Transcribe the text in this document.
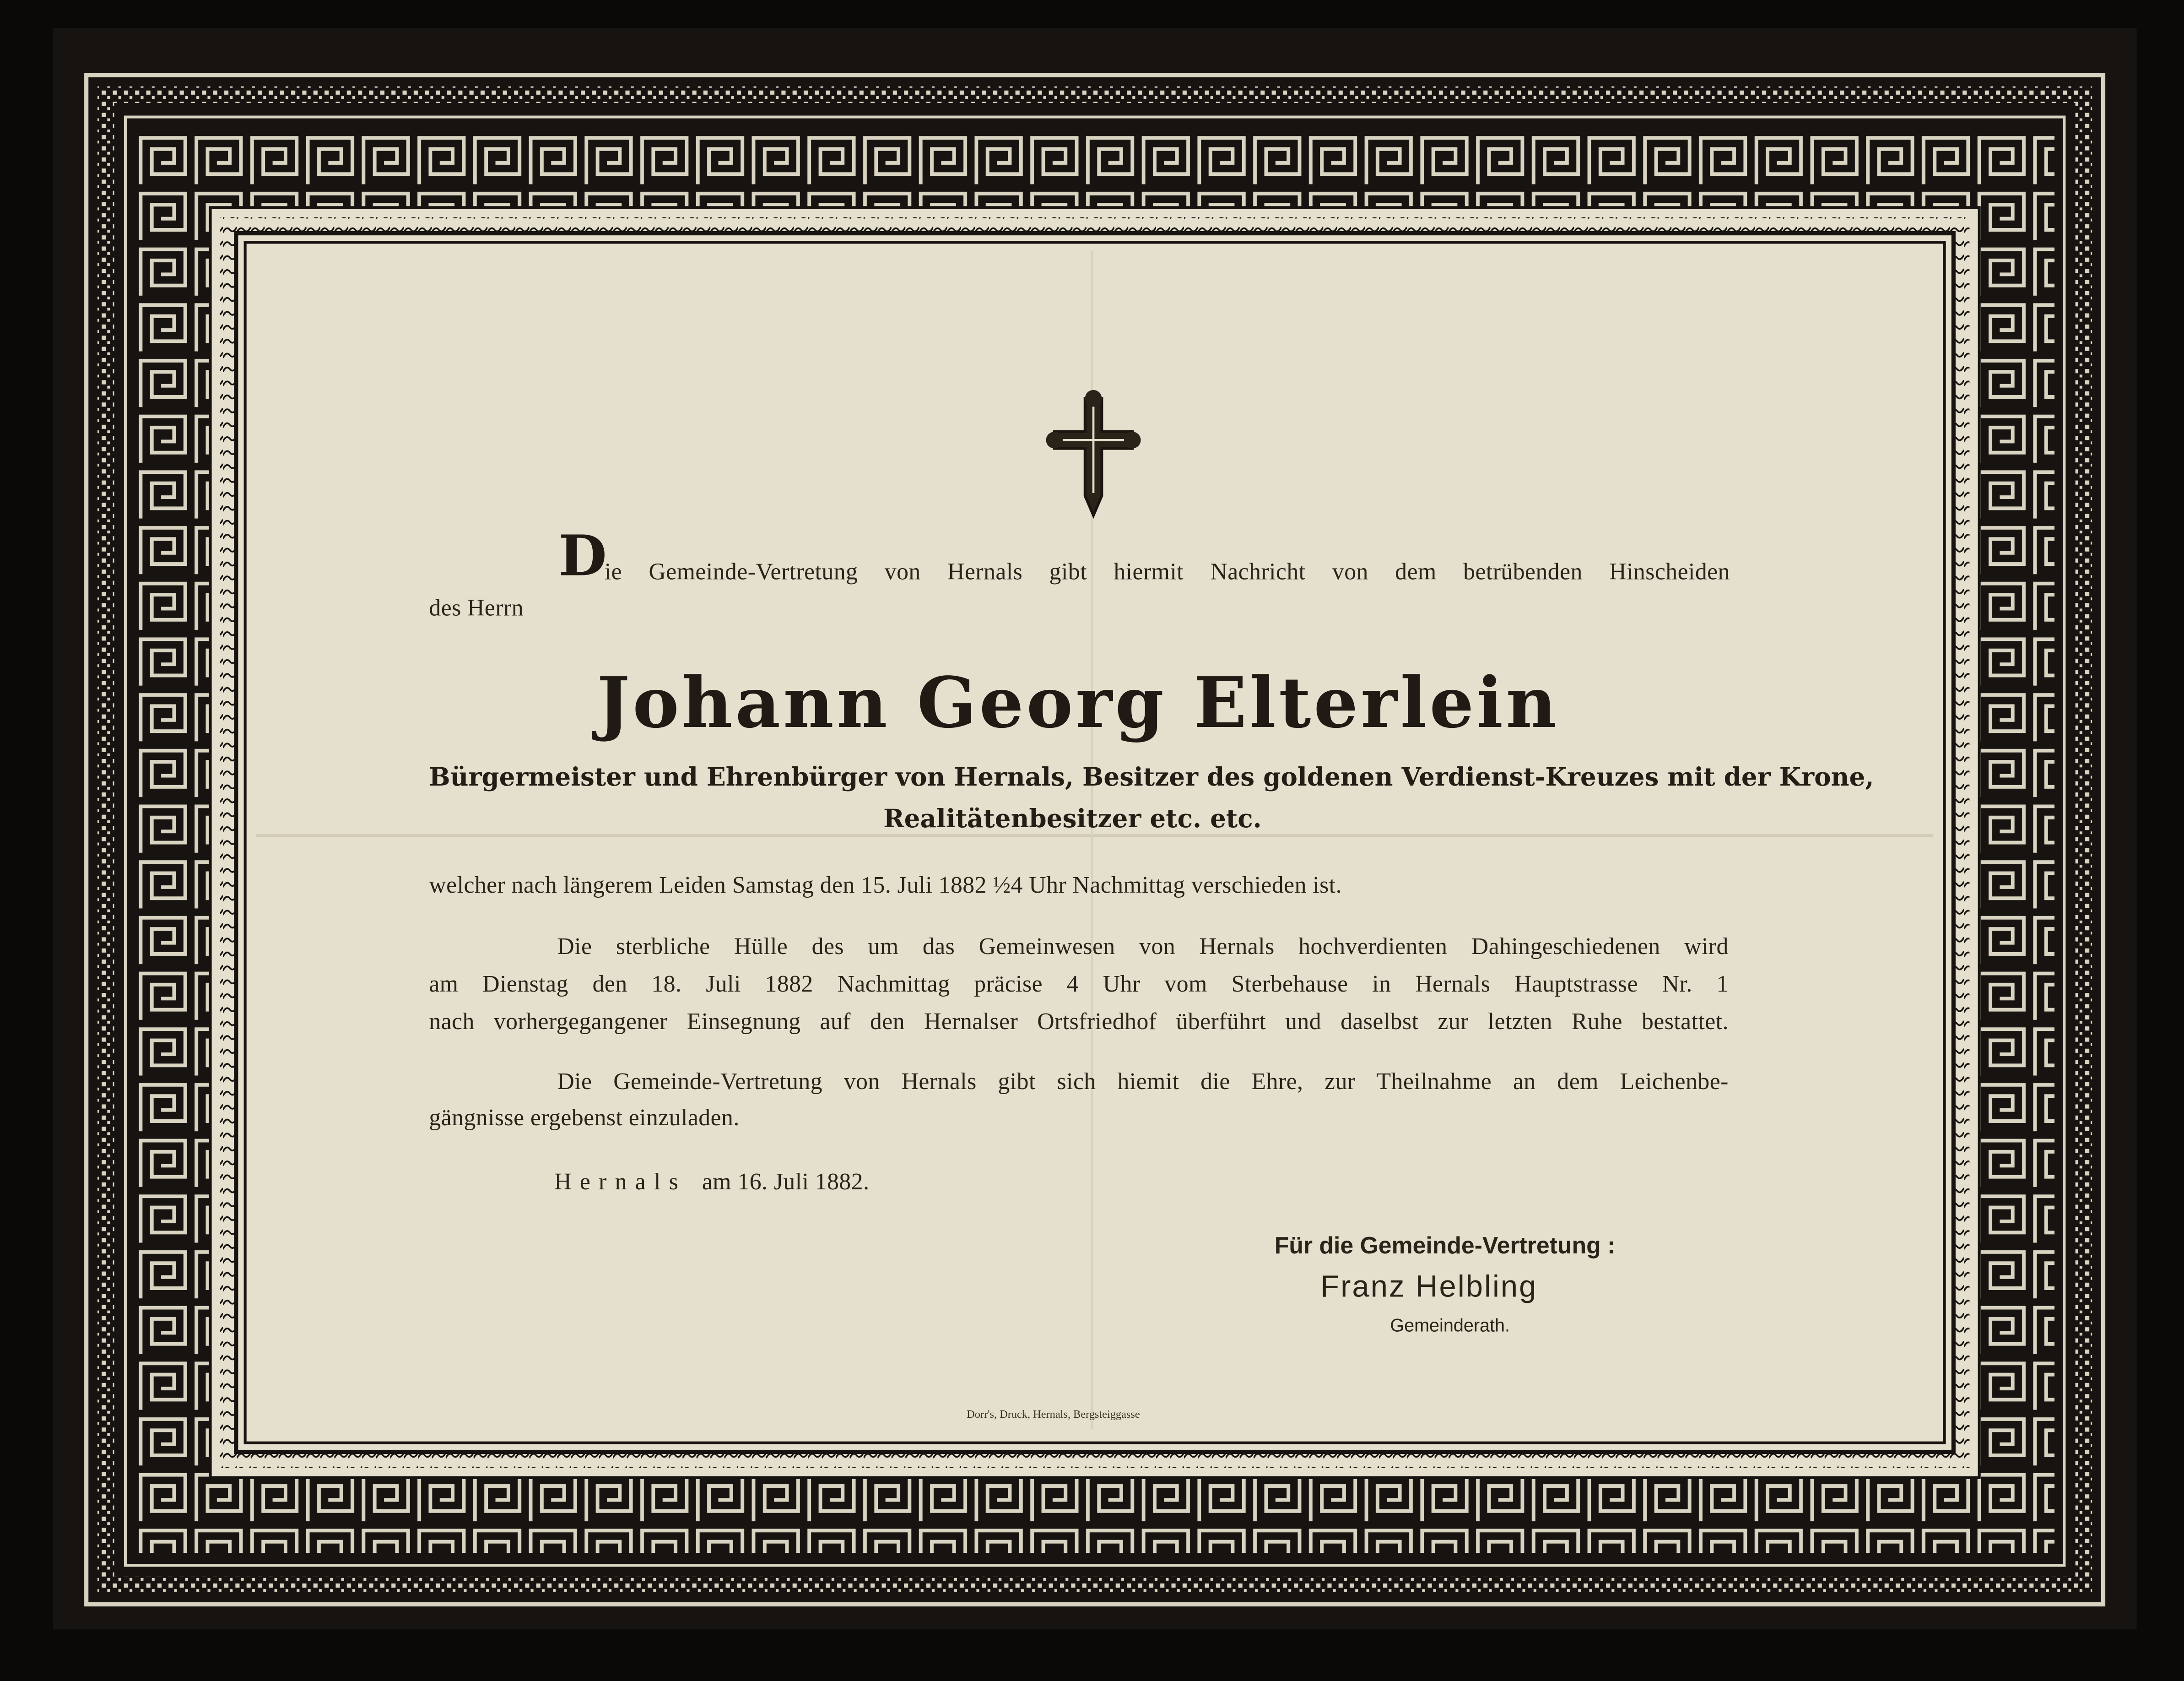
D
ie Gemeinde-Vertretung von Hernals gibt hiermit Nachricht von dem betrübenden Hinscheiden
des Herrn
Johann Georg Elterlein
Bürgermeister und Ehrenbürger von Hernals, Besitzer des goldenen Verdienst-Kreuzes mit der Krone,
Realitätenbesitzer etc. etc.
welcher nach längerem Leiden Samstag den 15. Juli 1882 ½4 Uhr Nachmittag verschieden ist.
Die sterbliche Hülle des um das Gemeinwesen von Hernals hochverdienten Dahingeschiedenen wird
am Dienstag den 18. Juli 1882 Nachmittag präcise 4 Uhr vom Sterbehause in Hernals Hauptstrasse Nr. 1
nach vorhergegangener Einsegnung auf den Hernalser Ortsfriedhof überführt und daselbst zur letzten Ruhe bestattet.
Die Gemeinde-Vertretung von Hernals gibt sich hiemit die Ehre, zur Theilnahme an dem Leichenbe-
gängnisse ergebenst einzuladen.
Hernals am 16. Juli 1882.
Für die Gemeinde-Vertretung :
Franz Helbling
Gemeinderath.
Dorr's, Druck, Hernals, Bergsteiggasse
